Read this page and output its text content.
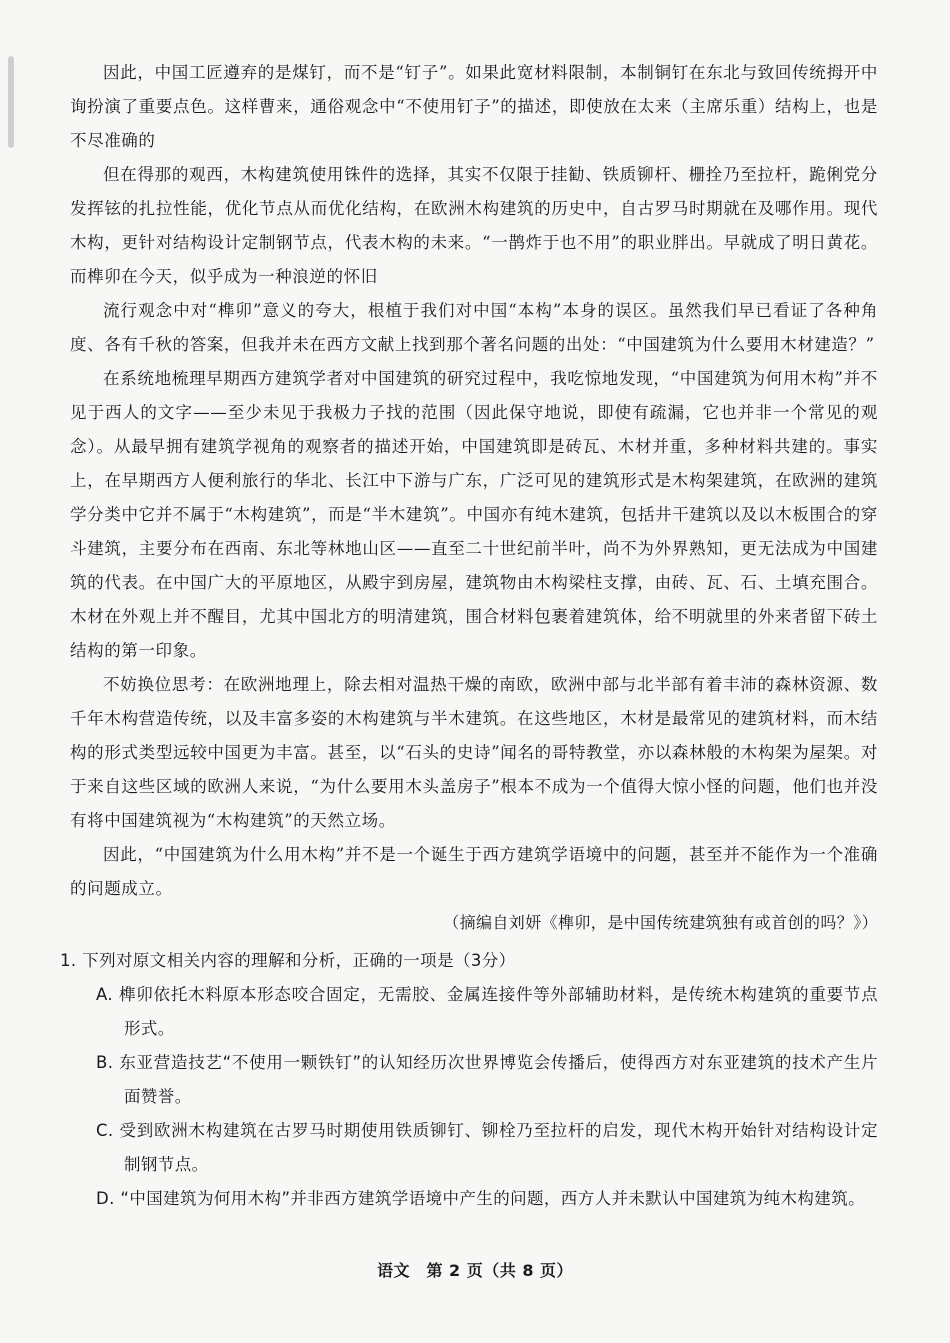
因此，中国工匠遵弃的是煤钉，而不是“钉子”。如果此宽材料限制，本制铜钉在东北与致回传统拇开中询扮演了重要点色。这样曹来，通俗观念中“不使用钉子”的描述，即使放在太来（主席乐重）结构上，也是不尽准确的

但在得那的观西，木构建筑使用铢件的选择，其实不仅限于挂勧、铁质铆杆、栅拴乃至拉杆，跪俐党分发挥铉的扎拉性能，优化节点从而优化结构，在欧洲木构建筑的历史中，自古罗马时期就在及哪作用。现代木构，更针对结构设计定制钢节点，代表木构的未来。“一鹊炸于也不用”的职业胖出。早就成了明日黄花。而榫卯在今天，似乎成为一种浪逆的怀旧

流行观念中对“榫卯”意义的夸大，根植于我们对中国“本构”本身的误区。虽然我们早已看证了各种角度、各有千秋的答案，但我并未在西方文献上找到那个著名问题的出处：“中国建筑为什么要用木材建造？”

在系统地梳理早期西方建筑学者对中国建筑的研究过程中，我吃惊地发现，“中国建筑为何用木构”并不见于西人的文字——至少未见于我极力子找的范围（因此保守地说，即使有疏漏，它也并非一个常见的观念）。从最早拥有建筑学视角的观察者的描述开始，中国建筑即是砖瓦、木材并重，多种材料共建的。事实上，在早期西方人便利旅行的华北、长江中下游与广东，广泛可见的建筑形式是木构架建筑，在欧洲的建筑学分类中它并不属于“木构建筑”，而是“半木建筑”。中国亦有纯木建筑，包括井干建筑以及以木板围合的穿斗建筑，主要分布在西南、东北等林地山区——直至二十世纪前半叶，尚不为外界熟知，更无法成为中国建筑的代表。在中国广大的平原地区，从殿宇到房屋，建筑物由木构梁柱支撑，由砖、瓦、石、土填充围合。木材在外观上并不醒目，尤其中国北方的明清建筑，围合材料包裹着建筑体，给不明就里的外来者留下砖土结构的第一印象。

不妨换位思考：在欧洲地理上，除去相对温热干燥的南欧，欧洲中部与北半部有着丰沛的森林资源、数千年木构营造传统，以及丰富多姿的木构建筑与半木建筑。在这些地区，木材是最常见的建筑材料，而木结构的形式类型远较中国更为丰富。甚至，以“石头的史诗”闻名的哥特教堂，亦以森林般的木构架为屋架。对于来自这些区域的欧洲人来说，“为什么要用木头盖房子”根本不成为一个值得大惊小怪的问题，他们也并没有将中国建筑视为“木构建筑”的天然立场。

因此，“中国建筑为什么用木构”并不是一个诞生于西方建筑学语境中的问题，甚至并不能作为一个准确的问题成立。

（摘编自刘妍《榫卯，是中国传统建筑独有或首创的吗？》）

1. 下列对原文相关内容的理解和分析，正确的一项是（3分）

A. 榫卯依托木料原本形态咬合固定，无需胶、金属连接件等外部辅助材料，是传统木构建筑的重要节点形式。

B. 东亚营造技艺“不使用一颗铁钉”的认知经历次世界博览会传播后，使得西方对东亚建筑的技术产生片面赞誉。

C. 受到欧洲木构建筑在古罗马时期使用铁质铆钉、铆栓乃至拉杆的启发，现代木构开始针对结构设计定制钢节点。

D. “中国建筑为何用木构”并非西方建筑学语境中产生的问题，西方人并未默认中国建筑为纯木构建筑。

语文　第 2 页（共 8 页）
